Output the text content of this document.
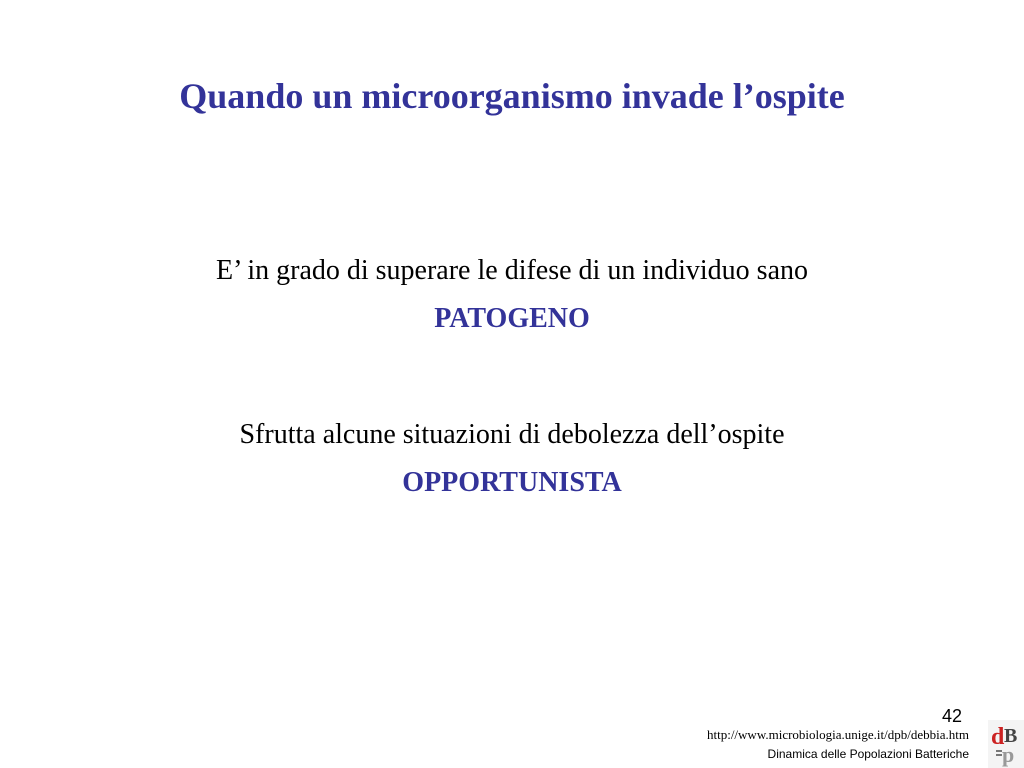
Quando un microorganismo invade l’ospite
E’ in grado di superare le difese di un individuo sano
PATOGENO
Sfrutta alcune situazioni di debolezza dell’ospite
OPPORTUNISTA
42
http://www.microbiologia.unige.it/dpb/debbia.htm
Dinamica delle Popolazioni Batteriche
d B
p
